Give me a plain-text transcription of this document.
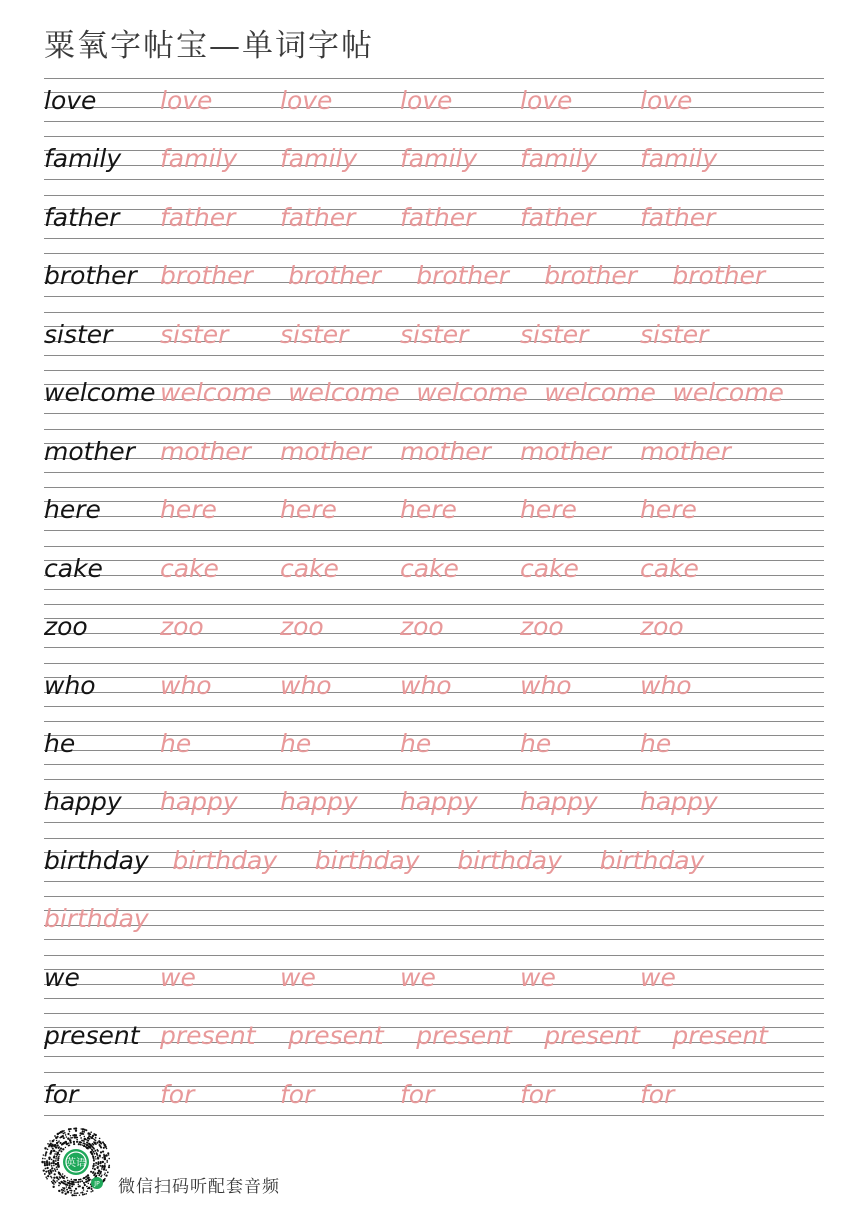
粟氧字帖宝—单词字帖
love	love	love	love	love	love
family family family family family family
father father father father father father
brother brother brother brother brother brother
sister sister sister sister sister sister
welcome welcome welcome welcome welcome welcome
mother mother mother mother mother mother
here here	here	here	here	here
cake cake cake cake cake cake
zoo	zoo	zoo	zoo	zoo	zoo
who	who	who	who	who	who
he	he	he	he	he	he
happy happy happy happy happy happy
birthday birthday birthday birthday birthday
birthday
we	we	we	we	we	we
present present present present present present
for	for	for	for	for	for
英语
JP 微信扫码听配套音频
